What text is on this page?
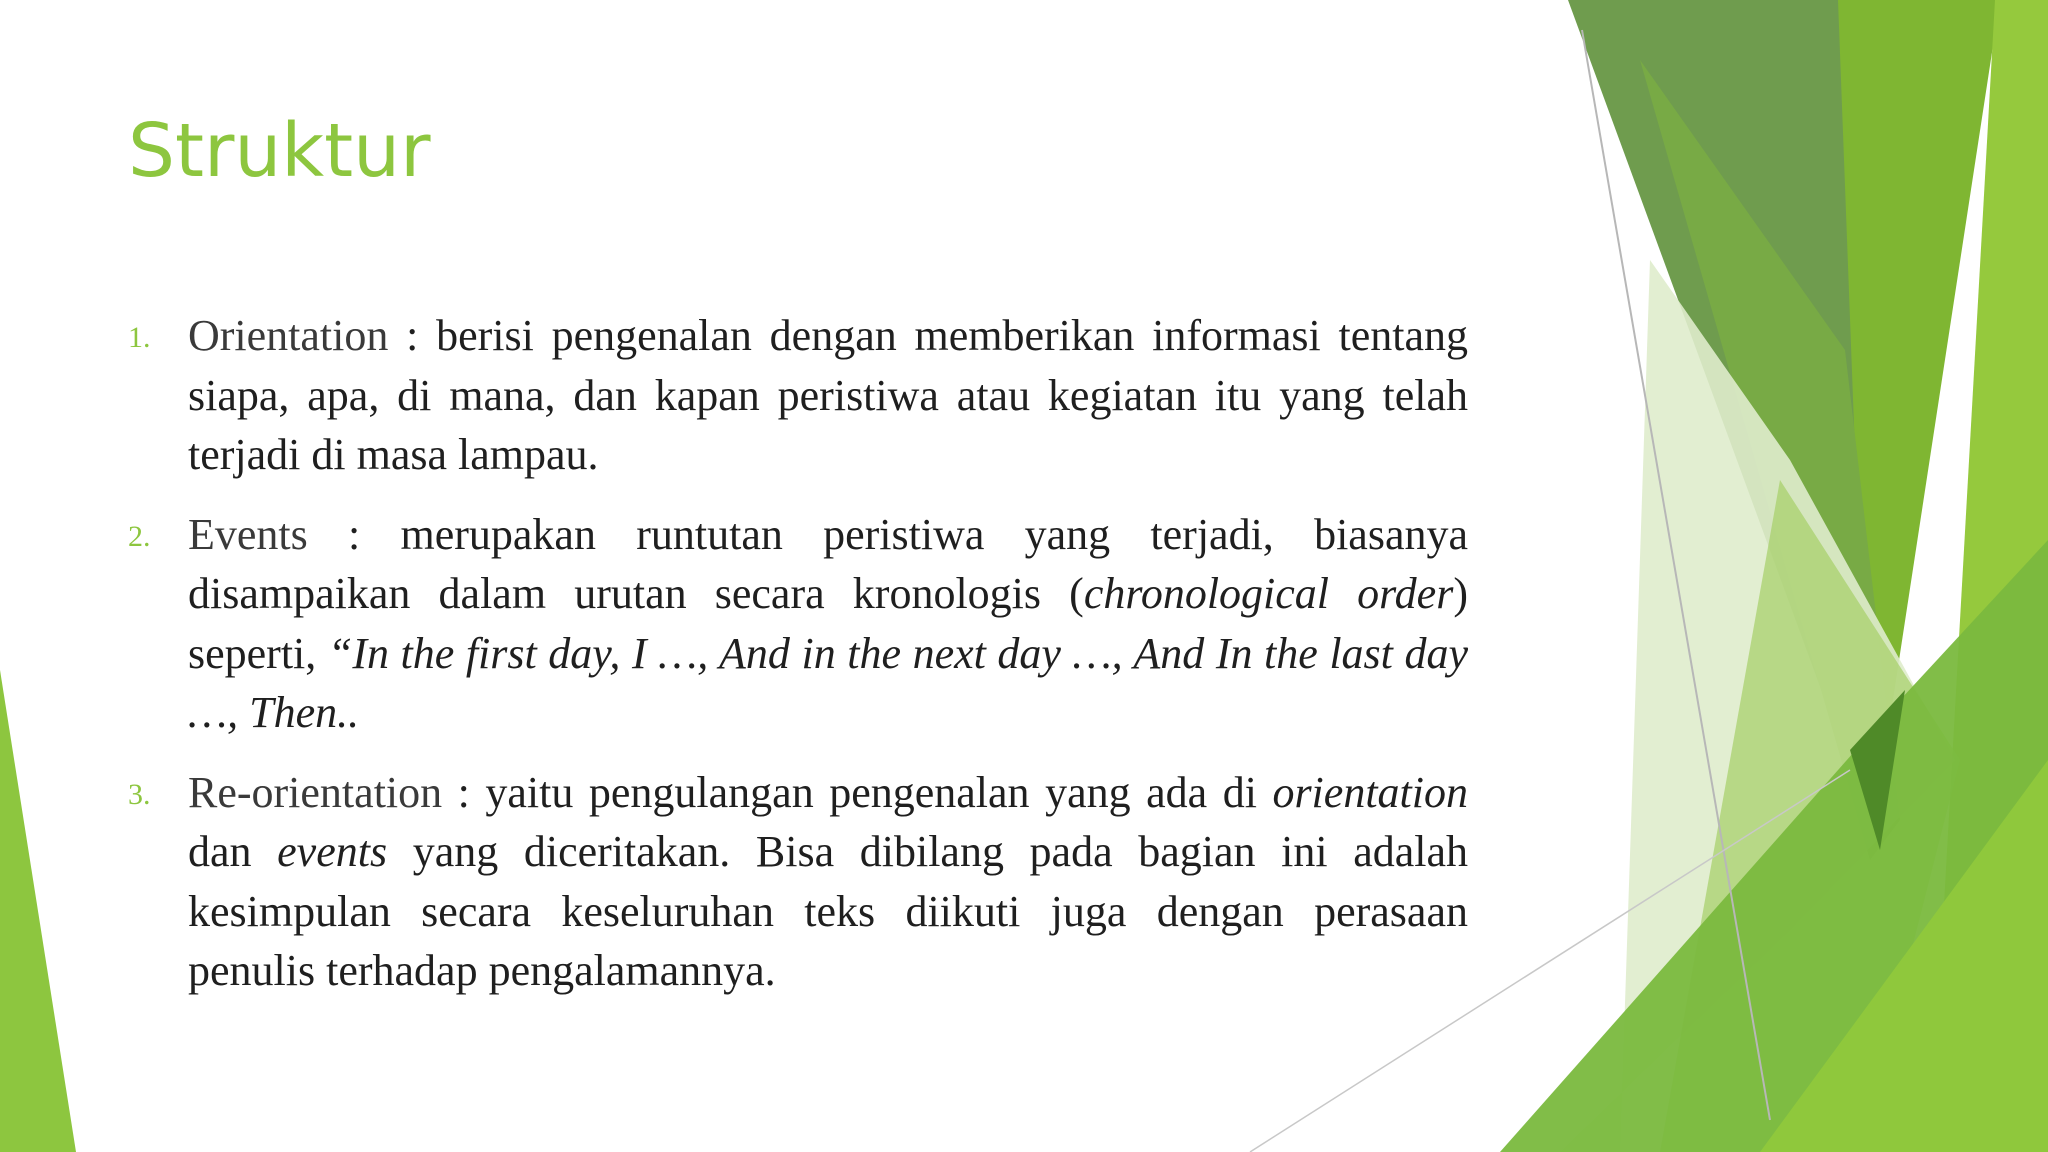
Struktur
1. Orientation : berisi pengenalan dengan memberikan informasi tentang siapa, apa, di mana, dan kapan peristiwa atau kegiatan itu yang telah terjadi di masa lampau.
2. Events : merupakan runtutan peristiwa yang terjadi, biasanya disampaikan dalam urutan secara kronologis (chronological order) seperti, “In the first day, I …, And in the next day …, And In the last day …, Then..
3. Re-orientation : yaitu pengulangan pengenalan yang ada di orientation dan events yang diceritakan. Bisa dibilang pada bagian ini adalah kesimpulan secara keseluruhan teks diikuti juga dengan perasaan penulis terhadap pengalamannya.
